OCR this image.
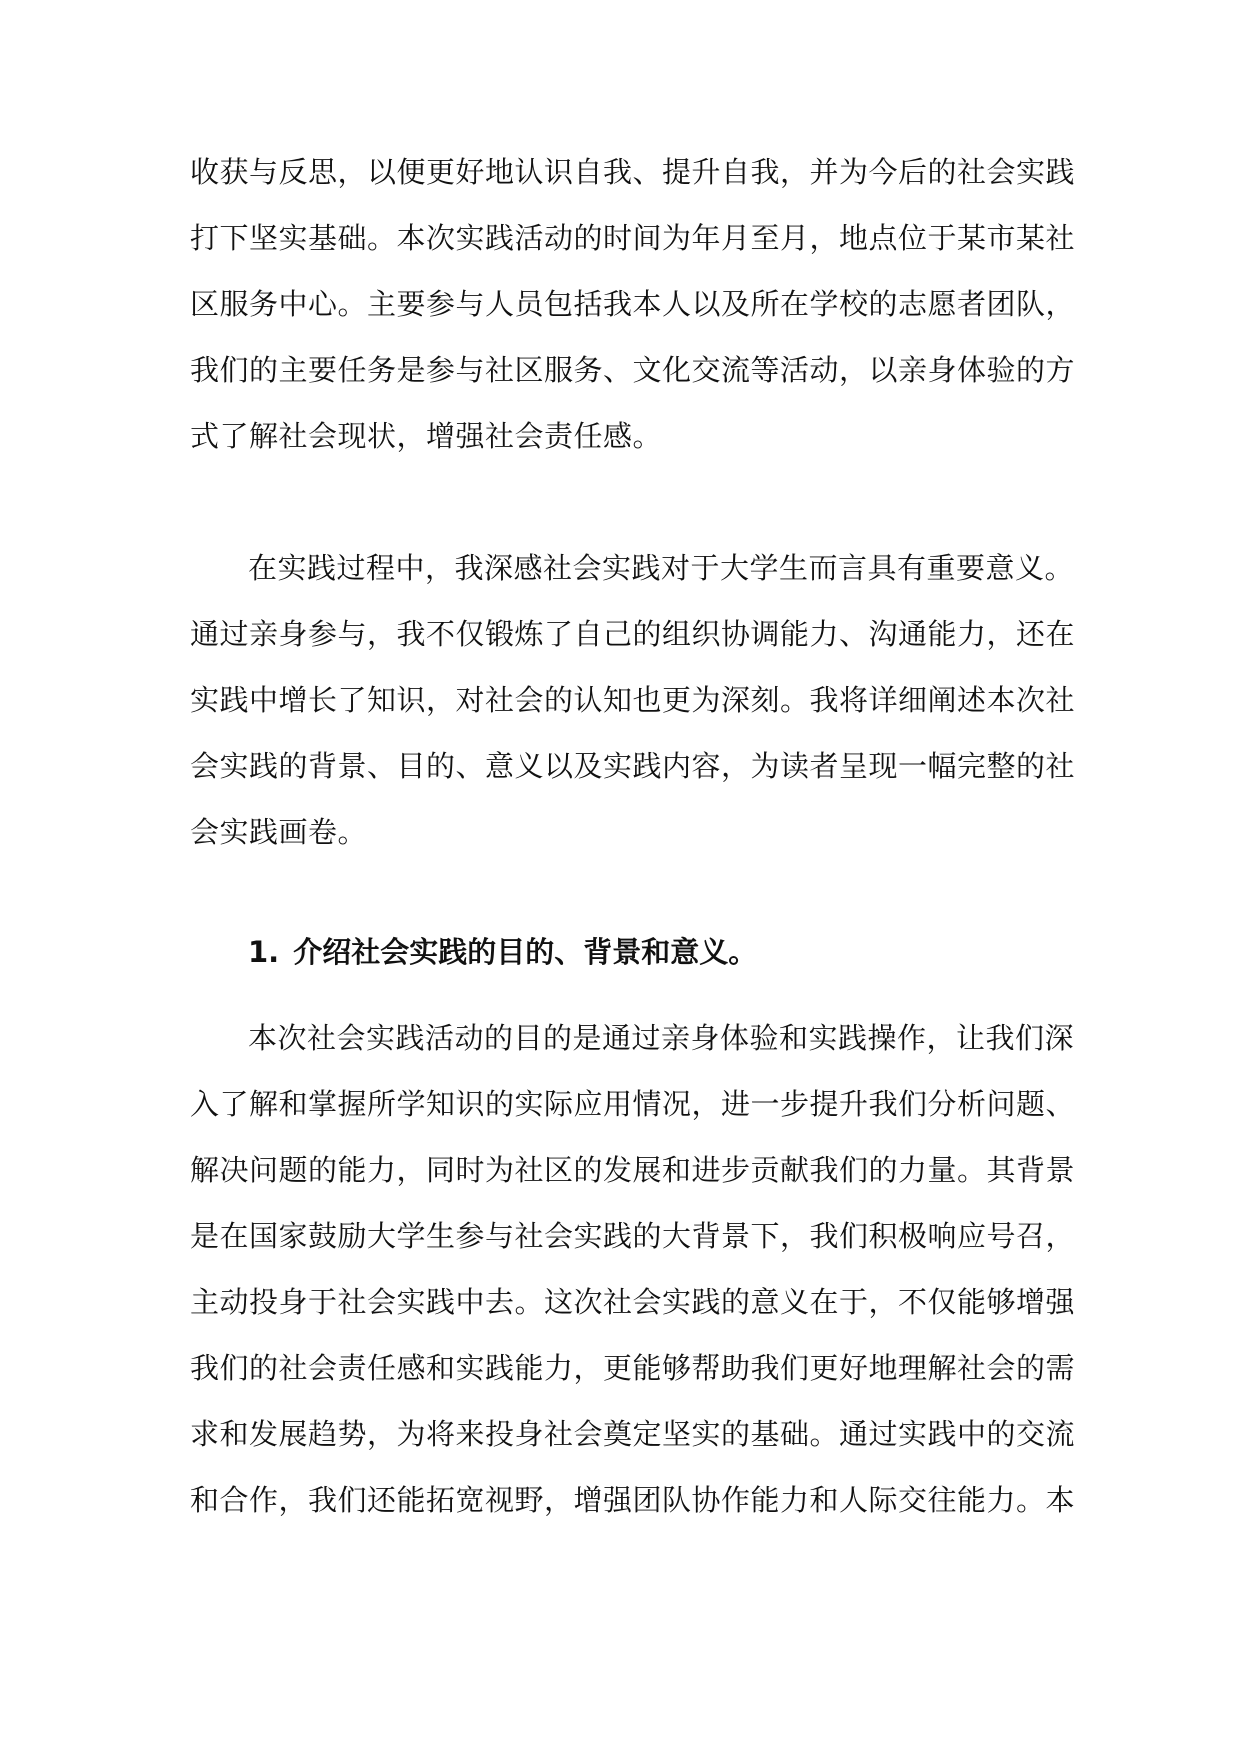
收获与反思，以便更好地认识自我、提升自我，并为今后的社会实践
打下坚实基础。本次实践活动的时间为年月至月，地点位于某市某社
区服务中心。主要参与人员包括我本人以及所在学校的志愿者团队，
我们的主要任务是参与社区服务、文化交流等活动，以亲身体验的方
式了解社会现状，增强社会责任感。
在实践过程中，我深感社会实践对于大学生而言具有重要意义。
通过亲身参与，我不仅锻炼了自己的组织协调能力、沟通能力，还在
实践中增长了知识，对社会的认知也更为深刻。我将详细阐述本次社
会实践的背景、目的、意义以及实践内容，为读者呈现一幅完整的社
会实践画卷。
1. 介绍社会实践的目的、背景和意义。
本次社会实践活动的目的是通过亲身体验和实践操作，让我们深
入了解和掌握所学知识的实际应用情况，进一步提升我们分析问题、
解决问题的能力，同时为社区的发展和进步贡献我们的力量。其背景
是在国家鼓励大学生参与社会实践的大背景下，我们积极响应号召，
主动投身于社会实践中去。这次社会实践的意义在于，不仅能够增强
我们的社会责任感和实践能力，更能够帮助我们更好地理解社会的需
求和发展趋势，为将来投身社会奠定坚实的基础。通过实践中的交流
和合作，我们还能拓宽视野，增强团队协作能力和人际交往能力。本
